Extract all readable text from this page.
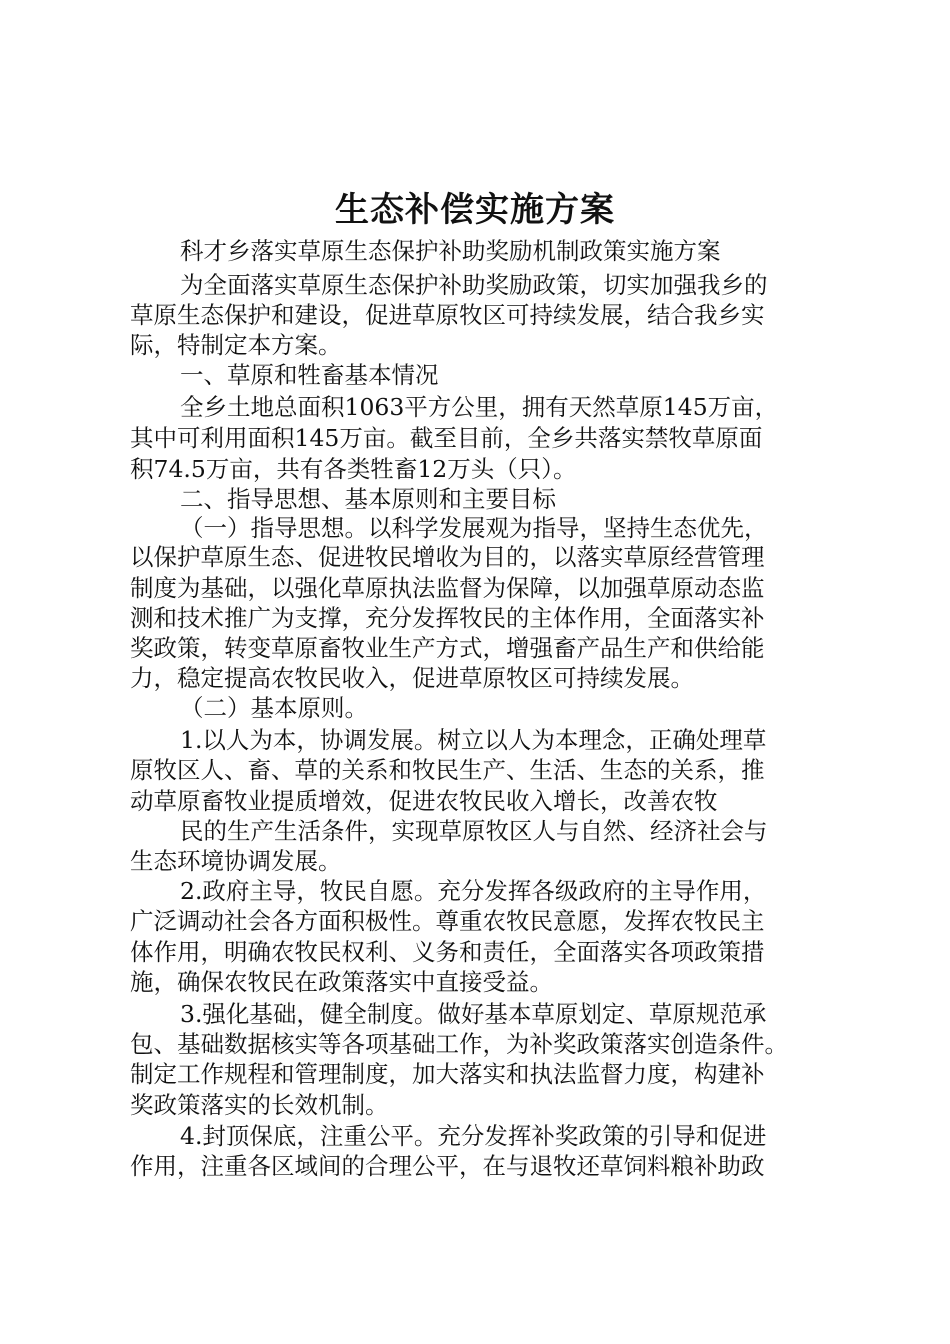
生态补偿实施方案
科才乡落实草原生态保护补助奖励机制政策实施方案
为全面落实草原生态保护补助奖励政策，切实加强我乡的
草原生态保护和建设，促进草原牧区可持续发展，结合我乡实
际，特制定本方案。
一、草原和牲畜基本情况
全乡土地总面积1063平方公里，拥有天然草原145万亩，
其中可利用面积145万亩。截至目前，全乡共落实禁牧草原面
积74.5万亩，共有各类牲畜12万头（只）。
二、指导思想、基本原则和主要目标
（一）指导思想。以科学发展观为指导，坚持生态优先，
以保护草原生态、促进牧民增收为目的，以落实草原经营管理
制度为基础，以强化草原执法监督为保障，以加强草原动态监
测和技术推广为支撑，充分发挥牧民的主体作用，全面落实补
奖政策，转变草原畜牧业生产方式，增强畜产品生产和供给能
力，稳定提高农牧民收入，促进草原牧区可持续发展。
（二）基本原则。
1.以人为本，协调发展。树立以人为本理念，正确处理草
原牧区人、畜、草的关系和牧民生产、生活、生态的关系，推
动草原畜牧业提质增效，促进农牧民收入增长，改善农牧
民的生产生活条件，实现草原牧区人与自然、经济社会与
生态环境协调发展。
2.政府主导，牧民自愿。充分发挥各级政府的主导作用，
广泛调动社会各方面积极性。尊重农牧民意愿，发挥农牧民主
体作用，明确农牧民权利、义务和责任，全面落实各项政策措
施，确保农牧民在政策落实中直接受益。
3.强化基础，健全制度。做好基本草原划定、草原规范承
包、基础数据核实等各项基础工作，为补奖政策落实创造条件。
制定工作规程和管理制度，加大落实和执法监督力度，构建补
奖政策落实的长效机制。
4.封顶保底，注重公平。充分发挥补奖政策的引导和促进
作用，注重各区域间的合理公平，在与退牧还草饲料粮补助政
